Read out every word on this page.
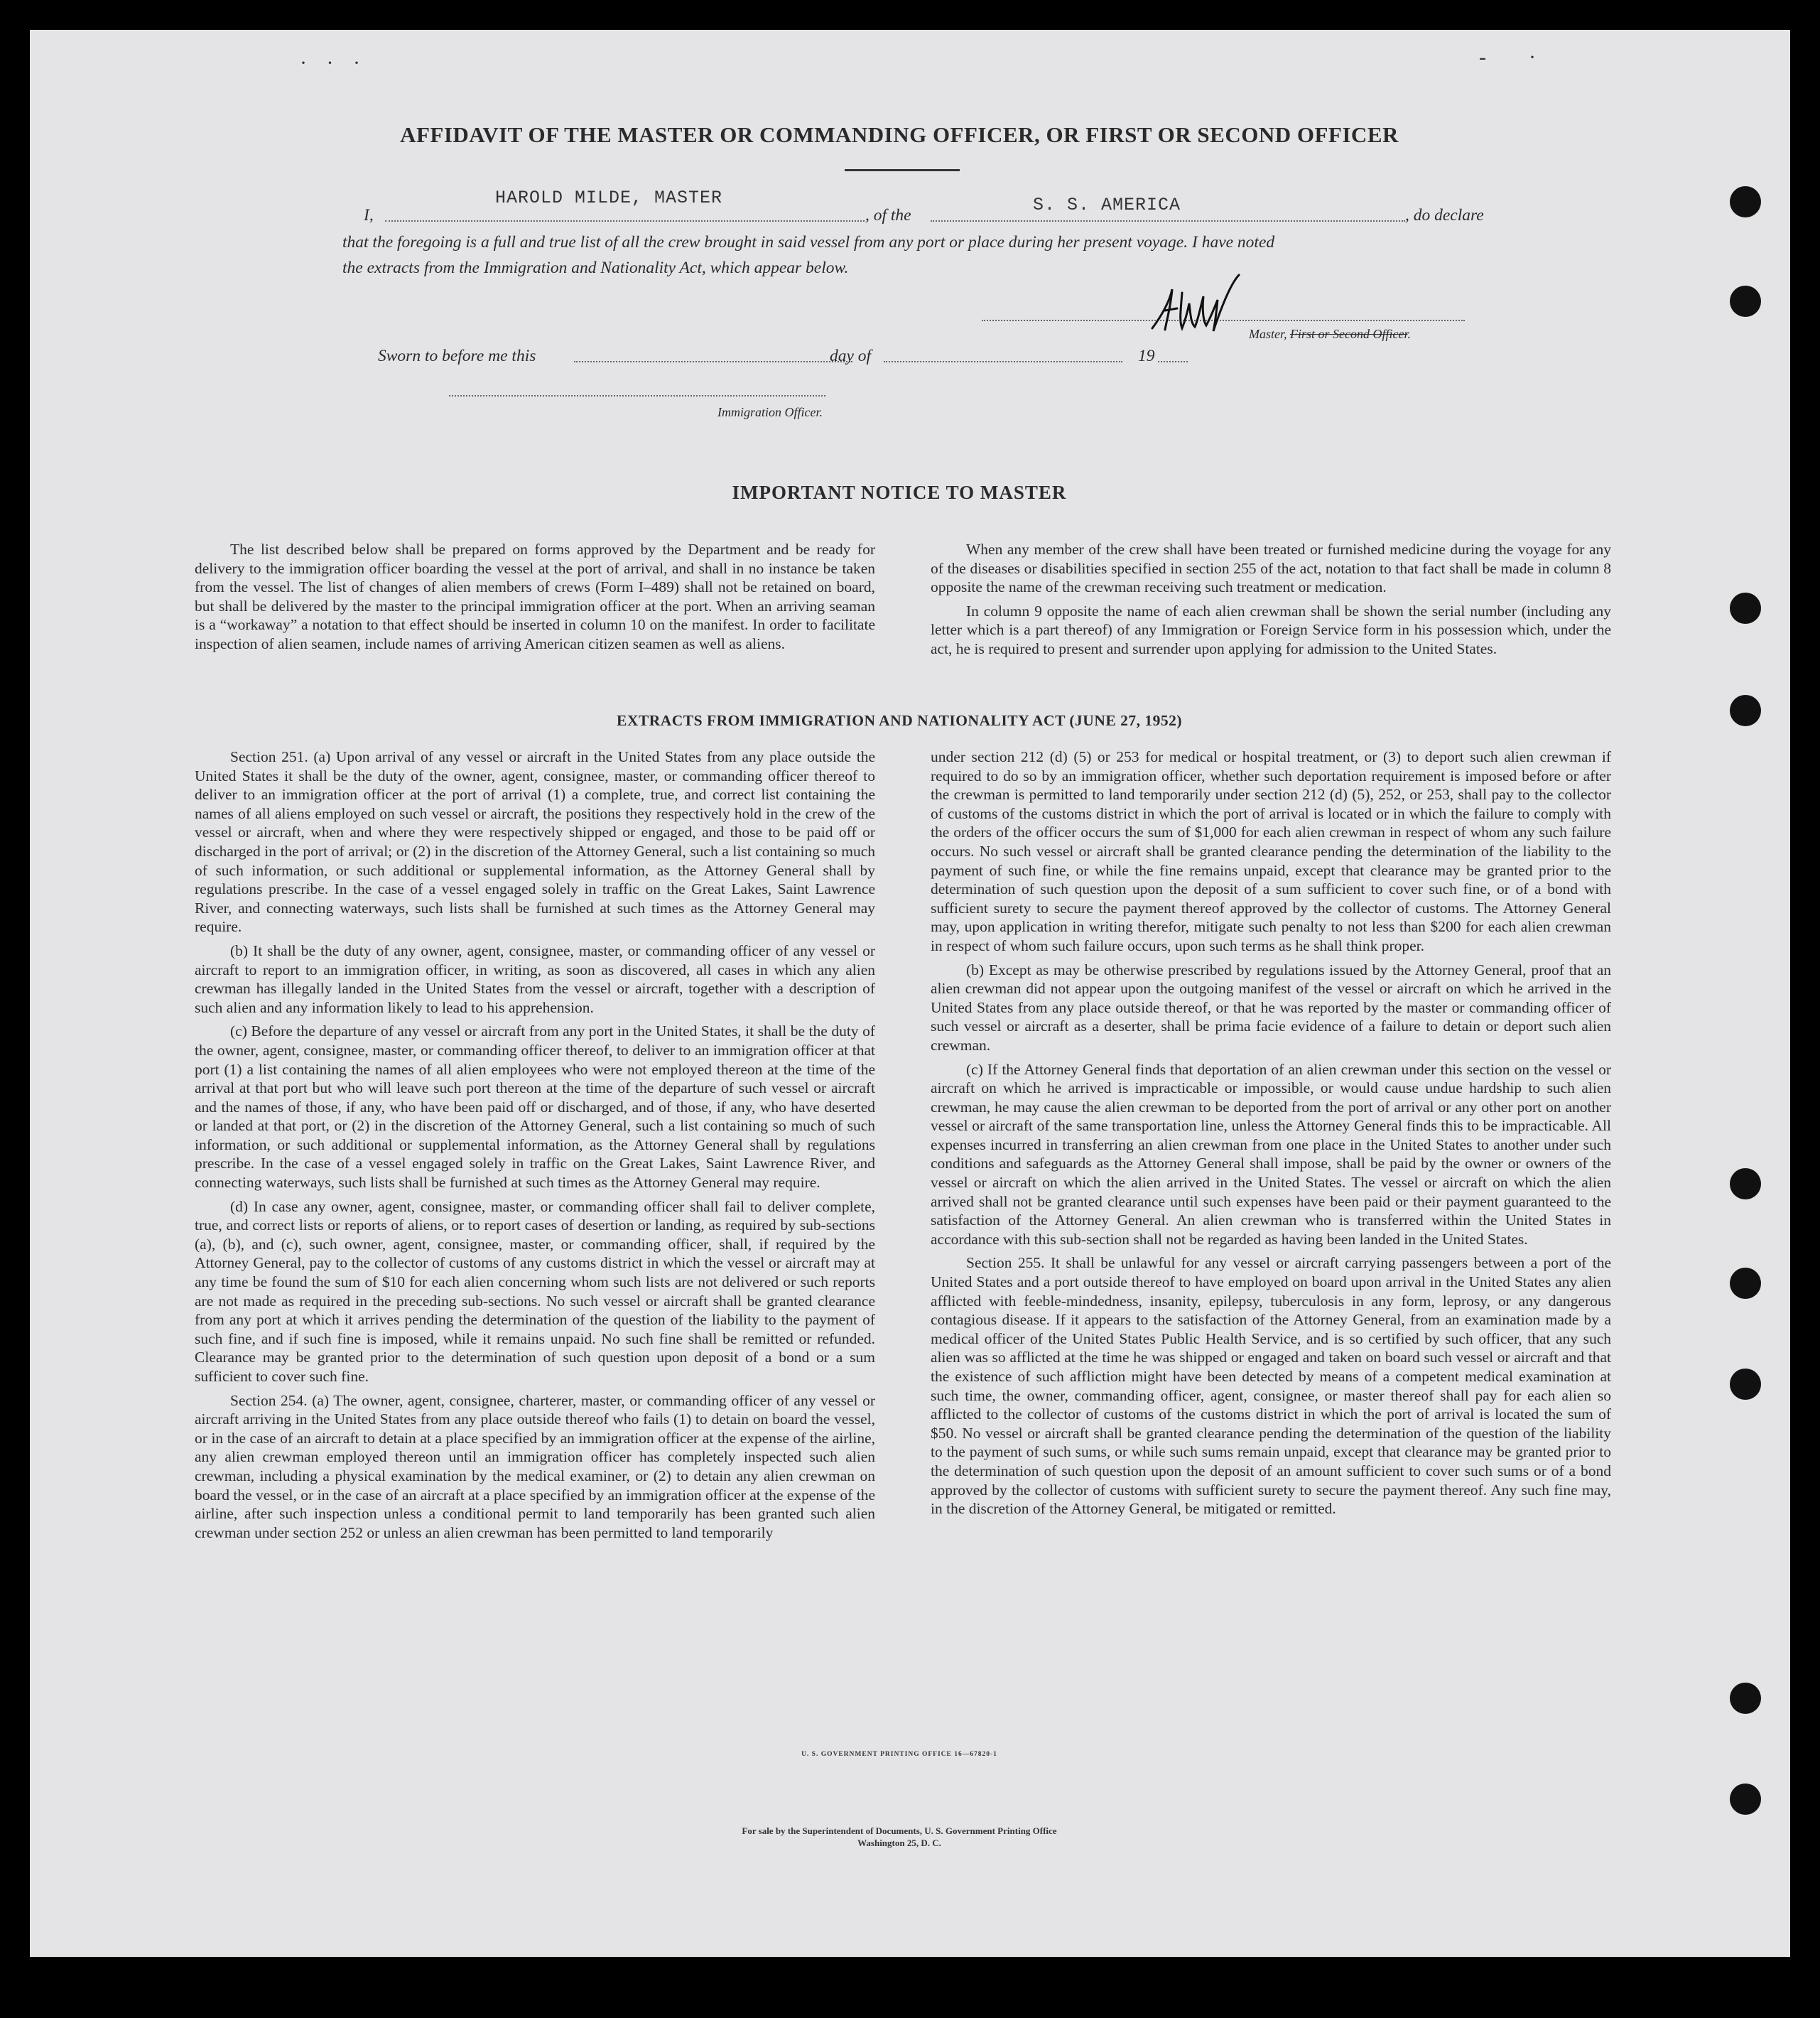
· · ·	- ·
AFFIDAVIT OF THE MASTER OR COMMANDING OFFICER, OR FIRST OR SECOND OFFICER
I,
HAROLD MILDE, MASTER
, of the	S. S. AMERICA	, do declare
that the foregoing is a full and true list of all the crew brought in said vessel from any port or place during her present voyage. I have noted
the extracts from the Immigration and Nationality Act, which appear below.
Master, First or Second Officer.
Sworn to before me this	day of	19
Immigration Officer.
IMPORTANT NOTICE TO MASTER

The list described below shall be prepared on forms approved by the Department and be ready for delivery to the immigration officer boarding the vessel at the port of arrival, and shall in no instance be taken from the vessel. The list of changes of alien members of crews (Form I–489) shall not be retained on board, but shall be delivered by the master to the principal immigration officer at the port. When an arriving seaman is a “workaway” a notation to that effect should be inserted in column 10 on the manifest. In order to facilitate inspection of alien seamen, include names of arriving American citizen seamen as well as aliens.

When any member of the crew shall have been treated or furnished medicine during the voyage for any of the diseases or disabilities specified in section 255 of the act, notation to that fact shall be made in column 8 opposite the name of the crewman receiving such treatment or medication.

In column 9 opposite the name of each alien crewman shall be shown the serial number (including any letter which is a part thereof) of any Immigration or Foreign Service form in his possession which, under the act, he is required to present and surrender upon applying for admission to the United States.

EXTRACTS FROM IMMIGRATION AND NATIONALITY ACT (JUNE 27, 1952)

Section 251. (a) Upon arrival of any vessel or aircraft in the United States from any place outside the United States it shall be the duty of the owner, agent, consignee, master, or commanding officer thereof to deliver to an immigration officer at the port of arrival (1) a complete, true, and correct list containing the names of all aliens employed on such vessel or aircraft, the positions they respectively hold in the crew of the vessel or aircraft, when and where they were respectively shipped or engaged, and those to be paid off or discharged in the port of arrival; or (2) in the discretion of the Attorney General, such a list containing so much of such information, or such additional or supplemental information, as the Attorney General shall by regulations prescribe. In the case of a vessel engaged solely in traffic on the Great Lakes, Saint Lawrence River, and connecting waterways, such lists shall be furnished at such times as the Attorney General may require.

(b) It shall be the duty of any owner, agent, consignee, master, or commanding officer of any vessel or aircraft to report to an immigration officer, in writing, as soon as discovered, all cases in which any alien crewman has illegally landed in the United States from the vessel or aircraft, together with a description of such alien and any information likely to lead to his apprehension.

(c) Before the departure of any vessel or aircraft from any port in the United States, it shall be the duty of the owner, agent, consignee, master, or commanding officer thereof, to deliver to an immigration officer at that port (1) a list containing the names of all alien employees who were not employed thereon at the time of the arrival at that port but who will leave such port thereon at the time of the departure of such vessel or aircraft and the names of those, if any, who have been paid off or discharged, and of those, if any, who have deserted or landed at that port, or (2) in the discretion of the Attorney General, such a list containing so much of such information, or such additional or supplemental information, as the Attorney General shall by regulations prescribe. In the case of a vessel engaged solely in traffic on the Great Lakes, Saint Lawrence River, and connecting waterways, such lists shall be furnished at such times as the Attorney General may require.

(d) In case any owner, agent, consignee, master, or commanding officer shall fail to deliver complete, true, and correct lists or reports of aliens, or to report cases of desertion or landing, as required by sub-sections (a), (b), and (c), such owner, agent, consignee, master, or commanding officer, shall, if required by the Attorney General, pay to the collector of customs of any customs district in which the vessel or aircraft may at any time be found the sum of $10 for each alien concerning whom such lists are not delivered or such reports are not made as required in the preceding sub-sections. No such vessel or aircraft shall be granted clearance from any port at which it arrives pending the determination of the question of the liability to the payment of such fine, and if such fine is imposed, while it remains unpaid. No such fine shall be remitted or refunded. Clearance may be granted prior to the determination of such question upon deposit of a bond or a sum sufficient to cover such fine.

Section 254. (a) The owner, agent, consignee, charterer, master, or commanding officer of any vessel or aircraft arriving in the United States from any place outside thereof who fails (1) to detain on board the vessel, or in the case of an aircraft to detain at a place specified by an immigration officer at the expense of the airline, any alien crewman employed thereon until an immigration officer has completely inspected such alien crewman, including a physical examination by the medical examiner, or (2) to detain any alien crewman on board the vessel, or in the case of an aircraft at a place specified by an immigration officer at the expense of the airline, after such inspection unless a conditional permit to land temporarily has been granted such alien crewman under section 252 or unless an alien crewman has been permitted to land temporarily

under section 212 (d) (5) or 253 for medical or hospital treatment, or (3) to deport such alien crewman if required to do so by an immigration officer, whether such deportation requirement is imposed before or after the crewman is permitted to land temporarily under section 212 (d) (5), 252, or 253, shall pay to the collector of customs of the customs district in which the port of arrival is located or in which the failure to comply with the orders of the officer occurs the sum of $1,000 for each alien crewman in respect of whom any such failure occurs. No such vessel or aircraft shall be granted clearance pending the determination of the liability to the payment of such fine, or while the fine remains unpaid, except that clearance may be granted prior to the determination of such question upon the deposit of a sum sufficient to cover such fine, or of a bond with sufficient surety to secure the payment thereof approved by the collector of customs. The Attorney General may, upon application in writing therefor, mitigate such penalty to not less than $200 for each alien crewman in respect of whom such failure occurs, upon such terms as he shall think proper.

(b) Except as may be otherwise prescribed by regulations issued by the Attorney General, proof that an alien crewman did not appear upon the outgoing manifest of the vessel or aircraft on which he arrived in the United States from any place outside thereof, or that he was reported by the master or commanding officer of such vessel or aircraft as a deserter, shall be prima facie evidence of a failure to detain or deport such alien crewman.

(c) If the Attorney General finds that deportation of an alien crewman under this section on the vessel or aircraft on which he arrived is impracticable or impossible, or would cause undue hardship to such alien crewman, he may cause the alien crewman to be deported from the port of arrival or any other port on another vessel or aircraft of the same transportation line, unless the Attorney General finds this to be impracticable. All expenses incurred in transferring an alien crewman from one place in the United States to another under such conditions and safeguards as the Attorney General shall impose, shall be paid by the owner or owners of the vessel or aircraft on which the alien arrived in the United States. The vessel or aircraft on which the alien arrived shall not be granted clearance until such expenses have been paid or their payment guaranteed to the satisfaction of the Attorney General. An alien crewman who is transferred within the United States in accordance with this sub-section shall not be regarded as having been landed in the United States.

Section 255. It shall be unlawful for any vessel or aircraft carrying passengers between a port of the United States and a port outside thereof to have employed on board upon arrival in the United States any alien afflicted with feeble-mindedness, insanity, epilepsy, tuberculosis in any form, leprosy, or any dangerous contagious disease. If it appears to the satisfaction of the Attorney General, from an examination made by a medical officer of the United States Public Health Service, and is so certified by such officer, that any such alien was so afflicted at the time he was shipped or engaged and taken on board such vessel or aircraft and that the existence of such affliction might have been detected by means of a competent medical examination at such time, the owner, commanding officer, agent, consignee, or master thereof shall pay for each alien so afflicted to the collector of customs of the customs district in which the port of arrival is located the sum of $50. No vessel or aircraft shall be granted clearance pending the determination of the question of the liability to the payment of such sums, or while such sums remain unpaid, except that clearance may be granted prior to the determination of such question upon the deposit of an amount sufficient to cover such sums or of a bond approved by the collector of customs with sufficient surety to secure the payment thereof. Any such fine may, in the discretion of the Attorney General, be mitigated or remitted.

U. S. GOVERNMENT PRINTING OFFICE 16—67820-1
For sale by the Superintendent of Documents, U. S. Government Printing Office
Washington 25, D. C.
